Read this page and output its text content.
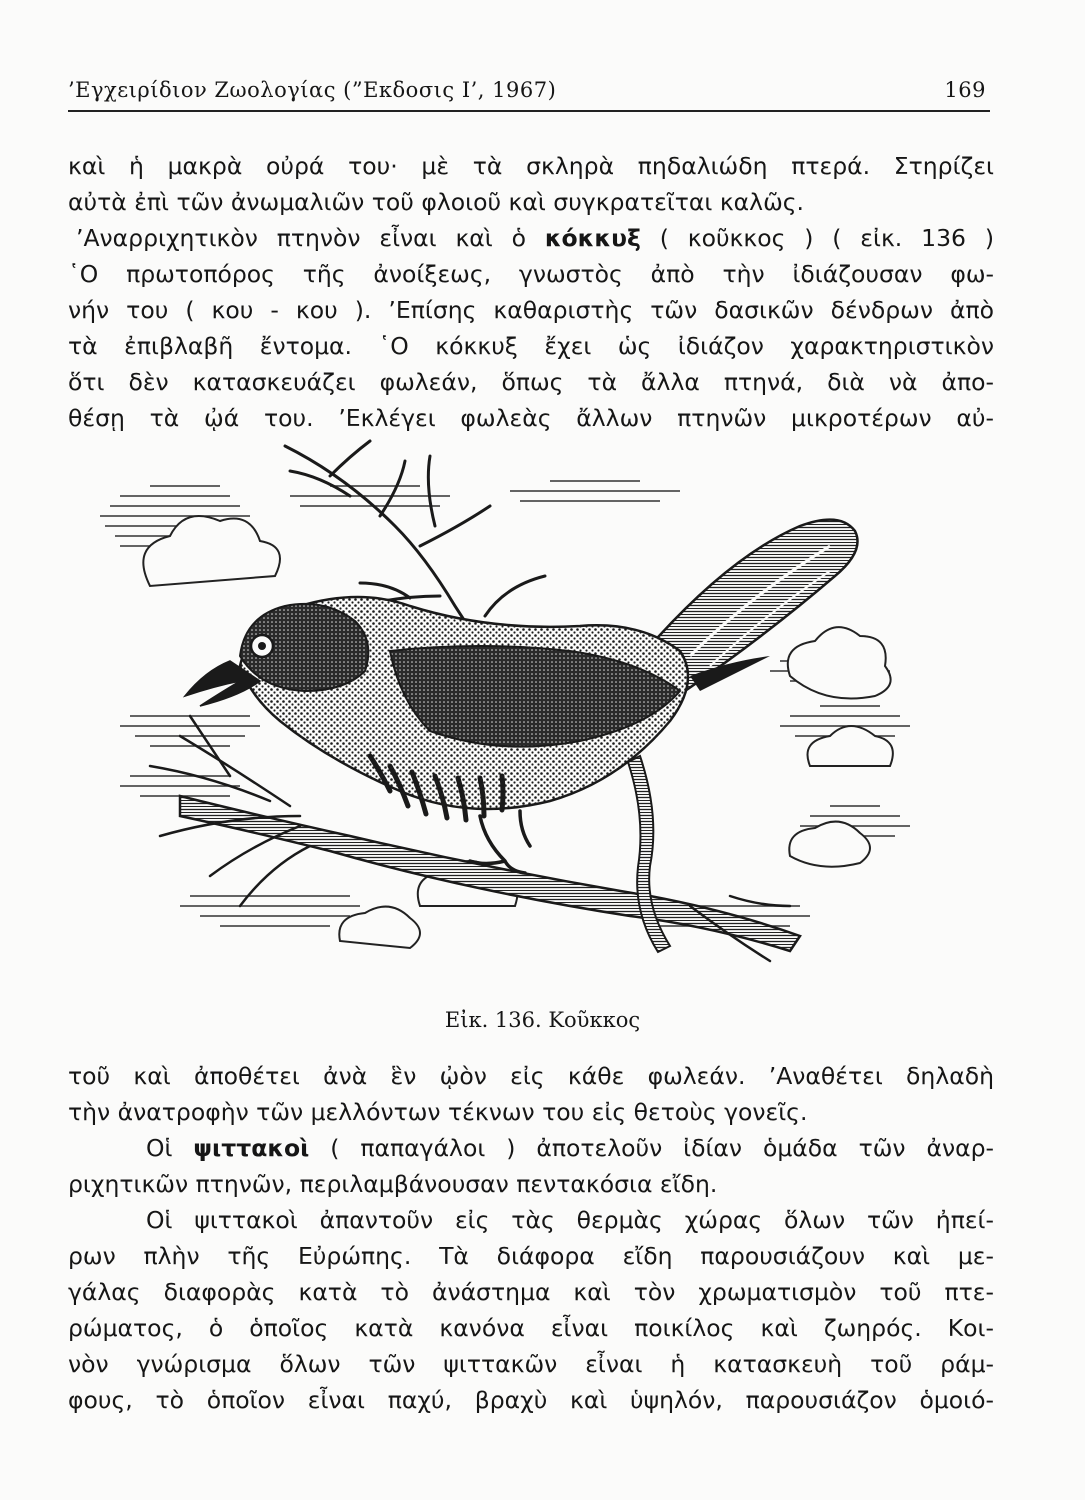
’Εγχειρίδιον Ζωολογίας (”Εκδοσις Ι’, 1967)	169
καὶ ἡ μακρὰ οὐρά του· μὲ τὰ σκληρὰ πηδαλιώδη πτερά. Στηρίζει
αὐτὰ ἐπὶ τῶν ἀνωμαλιῶν τοῦ φλοιοῦ καὶ συγκρατεῖται καλῶς.
’Αναρριχητικὸν πτηνὸν εἶναι καὶ ὁ κόκκυξ ( κοῦκκος ) ( εἰκ. 136 )
῾Ο πρωτοπόρος τῆς ἀνοίξεως, γνωστὸς ἀπὸ τὴν ἰδιάζουσαν φω-
νήν του ( κου - κου ). ’Επίσης καθαριστὴς τῶν δασικῶν δένδρων ἀπὸ
τὰ ἐπιβλαβῆ ἔντομα. ῾Ο κόκκυξ ἔχει ὡς ἰδιάζον χαρακτηριστικὸν
ὅτι δὲν κατασκευάζει φωλεάν, ὅπως τὰ ἄλλα πτηνά, διὰ νὰ ἀπο-
θέσῃ τὰ ᾠά του. ’Εκλέγει φωλεὰς ἄλλων πτηνῶν μικροτέρων αὐ-
Εἰκ. 136. Κοῦκκος
τοῦ καὶ ἀποθέτει ἀνὰ ἓν ᾠὸν εἰς κάθε φωλεάν. ’Αναθέτει δηλαδὴ
τὴν ἀνατροφὴν τῶν μελλόντων τέκνων του εἰς θετοὺς γονεῖς.
Οἱ ψιττακοὶ ( παπαγάλοι ) ἀποτελοῦν ἰδίαν ὁμάδα τῶν ἀναρ-
ριχητικῶν πτηνῶν, περιλαμβάνουσαν πεντακόσια εἴδη.
Οἱ ψιττακοὶ ἀπαντοῦν εἰς τὰς θερμὰς χώρας ὅλων τῶν ἠπεί-
ρων πλὴν τῆς Εὐρώπης. Τὰ διάφορα εἴδη παρουσιάζουν καὶ με-
γάλας διαφορὰς κατὰ τὸ ἀνάστημα καὶ τὸν χρωματισμὸν τοῦ πτε-
ρώματος, ὁ ὁποῖος κατὰ κανόνα εἶναι ποικίλος καὶ ζωηρός. Κοι-
νὸν γνώρισμα ὅλων τῶν ψιττακῶν εἶναι ἡ κατασκευὴ τοῦ ράμ-
φους, τὸ ὁποῖον εἶναι παχύ, βραχὺ καὶ ὑψηλόν, παρουσιάζον ὁμοιό-
